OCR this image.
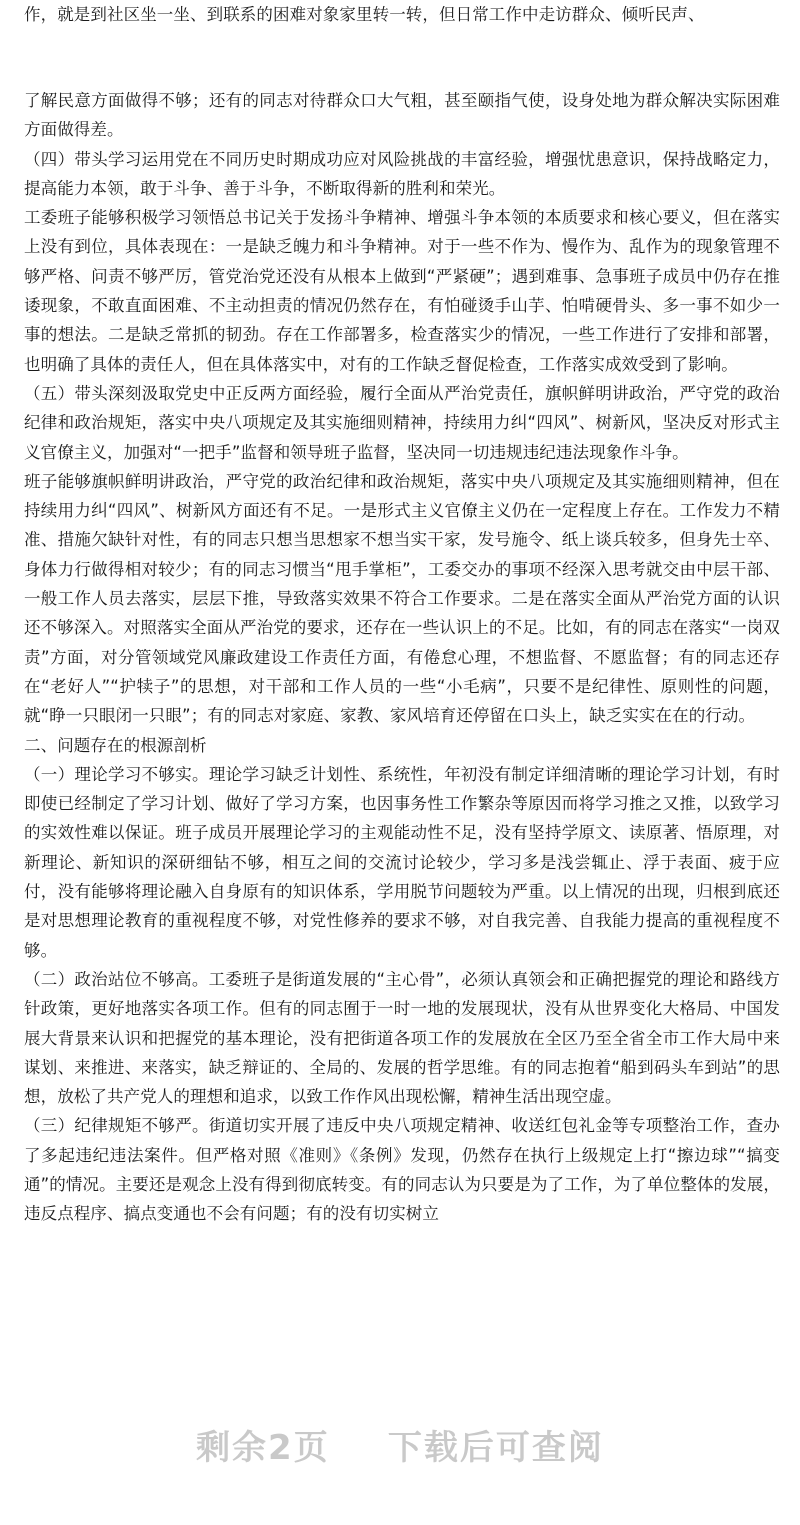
作，就是到社区坐一坐、到联系的困难对象家里转一转，但日常工作中走访群众、倾听民声、

了解民意方面做得不够；还有的同志对待群众口大气粗，甚至颐指气使，设身处地为群众解决实际困难方面做得差。

（四）带头学习运用党在不同历史时期成功应对风险挑战的丰富经验，增强忧患意识，保持战略定力，提高能力本领，敢于斗争、善于斗争，不断取得新的胜利和荣光。

工委班子能够积极学习领悟总书记关于发扬斗争精神、增强斗争本领的本质要求和核心要义，但在落实上没有到位，具体表现在：一是缺乏魄力和斗争精神。对于一些不作为、慢作为、乱作为的现象管理不够严格、问责不够严厉，管党治党还没有从根本上做到“严紧硬”；遇到难事、急事班子成员中仍存在推诿现象，不敢直面困难、不主动担责的情况仍然存在，有怕碰烫手山芋、怕啃硬骨头、多一事不如少一事的想法。二是缺乏常抓的韧劲。存在工作部署多，检查落实少的情况，一些工作进行了安排和部署，也明确了具体的责任人，但在具体落实中，对有的工作缺乏督促检查，工作落实成效受到了影响。

（五）带头深刻汲取党史中正反两方面经验，履行全面从严治党责任，旗帜鲜明讲政治，严守党的政治纪律和政治规矩，落实中央八项规定及其实施细则精神，持续用力纠“四风”、树新风，坚决反对形式主义官僚主义，加强对“一把手”监督和领导班子监督，坚决同一切违规违纪违法现象作斗争。

班子能够旗帜鲜明讲政治，严守党的政治纪律和政治规矩，落实中央八项规定及其实施细则精神，但在持续用力纠“四风”、树新风方面还有不足。一是形式主义官僚主义仍在一定程度上存在。工作发力不精准、措施欠缺针对性，有的同志只想当思想家不想当实干家，发号施令、纸上谈兵较多，但身先士卒、身体力行做得相对较少；有的同志习惯当“甩手掌柜”，工委交办的事项不经深入思考就交由中层干部、一般工作人员去落实，层层下推，导致落实效果不符合工作要求。二是在落实全面从严治党方面的认识还不够深入。对照落实全面从严治党的要求，还存在一些认识上的不足。比如，有的同志在落实“一岗双责”方面，对分管领域党风廉政建设工作责任方面，有倦怠心理，不想监督、不愿监督；有的同志还存在“老好人”“护犊子”的思想，对干部和工作人员的一些“小毛病”，只要不是纪律性、原则性的问题，就“睁一只眼闭一只眼”；有的同志对家庭、家教、家风培育还停留在口头上，缺乏实实在在的行动。

二、问题存在的根源剖析

（一）理论学习不够实。理论学习缺乏计划性、系统性，年初没有制定详细清晰的理论学习计划，有时即使已经制定了学习计划、做好了学习方案，也因事务性工作繁杂等原因而将学习推之又推，以致学习的实效性难以保证。班子成员开展理论学习的主观能动性不足，没有坚持学原文、读原著、悟原理，对新理论、新知识的深研细钻不够，相互之间的交流讨论较少，学习多是浅尝辄止、浮于表面、疲于应付，没有能够将理论融入自身原有的知识体系，学用脱节问题较为严重。以上情况的出现，归根到底还是对思想理论教育的重视程度不够，对党性修养的要求不够，对自我完善、自我能力提高的重视程度不够。

（二）政治站位不够高。工委班子是街道发展的“主心骨”，必须认真领会和正确把握党的理论和路线方针政策，更好地落实各项工作。但有的同志囿于一时一地的发展现状，没有从世界变化大格局、中国发展大背景来认识和把握党的基本理论，没有把街道各项工作的发展放在全区乃至全省全市工作大局中来谋划、来推进、来落实，缺乏辩证的、全局的、发展的哲学思维。有的同志抱着“船到码头车到站”的思想，放松了共产党人的理想和追求，以致工作作风出现松懈，精神生活出现空虚。

（三）纪律规矩不够严。街道切实开展了违反中央八项规定精神、收送红包礼金等专项整治工作，查办了多起违纪违法案件。但严格对照《准则》《条例》发现，仍然存在执行上级规定上打“擦边球”“搞变通”的情况。主要还是观念上没有得到彻底转变。有的同志认为只要是为了工作，为了单位整体的发展，违反点程序、搞点变通也不会有问题；有的没有切实树立

剩余2页 下载后可查阅
